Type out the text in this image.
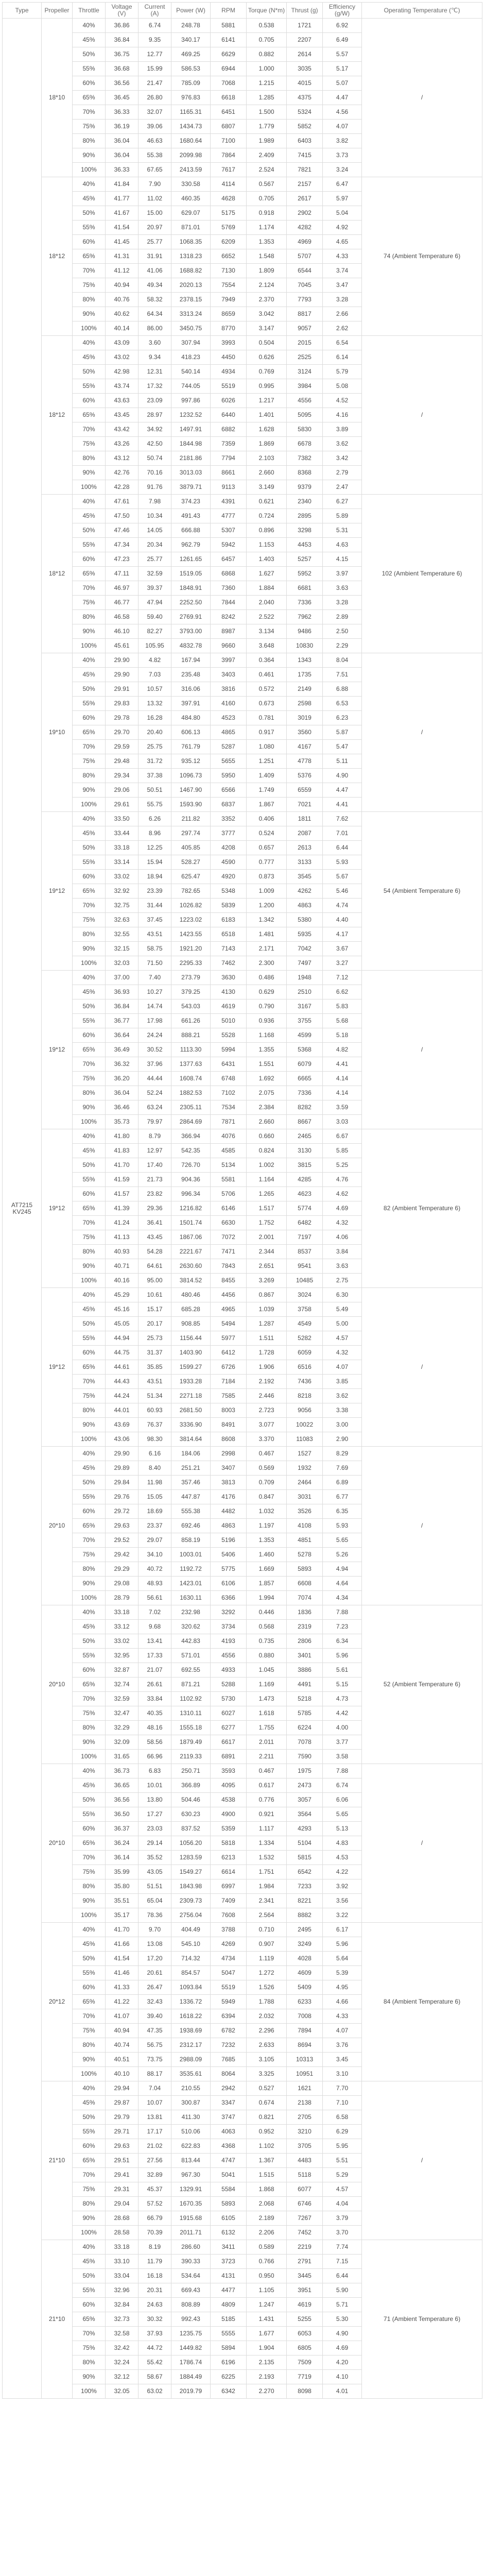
Type	Propeller	Throttle	Voltage (V)	Current (A)	Power (W)	RPM	Torque (N*m)	Thrust (g)	Efficiency (g/W)	Operating Temperature (℃)
AT7215 KV245	18*10	40%	36.86	6.74	248.78	5881	0.538	1721	6.92	/
		45%	36.84	9.35	340.17	6141	0.705	2207	6.49	
		50%	36.75	12.77	469.25	6629	0.882	2614	5.57	
		55%	36.68	15.99	586.53	6944	1.000	3035	5.17	
		60%	36.56	21.47	785.09	7068	1.215	4015	5.07	
		65%	36.45	26.80	976.83	6618	1.285	4375	4.47	
		70%	36.33	32.07	1165.31	6451	1.500	5324	4.56	
		75%	36.19	39.06	1434.73	6807	1.779	5852	4.07	
		80%	36.04	46.63	1680.64	7100	1.989	6403	3.82	
		90%	36.04	55.38	2099.98	7864	2.409	7415	3.73	
		100%	36.33	67.65	2413.59	7617	2.524	7821	3.24	
	18*12	40%	41.84	7.90	330.58	4114	0.567	2157	6.47	74 (Ambient Temperature 6)
		45%	41.77	11.02	460.35	4628	0.705	2617	5.97	
		50%	41.67	15.00	629.07	5175	0.918	2902	5.04	
		55%	41.54	20.97	871.01	5769	1.174	4282	4.92	
		60%	41.45	25.77	1068.35	6209	1.353	4969	4.65	
		65%	41.31	31.91	1318.23	6652	1.548	5707	4.33	
		70%	41.12	41.06	1688.82	7130	1.809	6544	3.74	
		75%	40.94	49.34	2020.13	7554	2.124	7045	3.47	
		80%	40.76	58.32	2378.15	7949	2.370	7793	3.28	
		90%	40.62	64.34	3313.24	8659	3.042	8817	2.66	
		100%	40.14	86.00	3450.75	8770	3.147	9057	2.62	
	18*12	40%	43.09	3.60	307.94	3993	0.504	2015	6.54	/
		45%	43.02	9.34	418.23	4450	0.626	2525	6.14	
		50%	42.98	12.31	540.14	4934	0.769	3124	5.79	
		55%	43.74	17.32	744.05	5519	0.995	3984	5.08	
		60%	43.63	23.09	997.86	6026	1.217	4556	4.52	
		65%	43.45	28.97	1232.52	6440	1.401	5095	4.16	
		70%	43.42	34.92	1497.91	6882	1.628	5830	3.89	
		75%	43.26	42.50	1844.98	7359	1.869	6678	3.62	
		80%	43.12	50.74	2181.86	7794	2.103	7382	3.42	
		90%	42.76	70.16	3013.03	8661	2.660	8368	2.79	
		100%	42.28	91.76	3879.71	9113	3.149	9379	2.47	
	18*12	40%	47.61	7.98	374.23	4391	0.621	2340	6.27	102 (Ambient Temperature 6)
		45%	47.50	10.34	491.43	4777	0.724	2895	5.89	
		50%	47.46	14.05	666.88	5307	0.896	3298	5.31	
		55%	47.34	20.34	962.79	5942	1.153	4453	4.63	
		60%	47.23	25.77	1261.65	6457	1.403	5257	4.15	
		65%	47.11	32.59	1519.05	6868	1.627	5952	3.97	
		70%	46.97	39.37	1848.91	7360	1.884	6681	3.63	
		75%	46.77	47.94	2252.50	7844	2.040	7336	3.28	
		80%	46.58	59.40	2769.91	8242	2.522	7962	2.89	
		90%	46.10	82.27	3793.00	8987	3.134	9486	2.50	
		100%	45.61	105.95	4832.78	9660	3.648	10830	2.29	
	19*10	40%	29.90	4.82	167.94	3997	0.364	1343	8.04	/
		45%	29.90	7.03	235.48	3403	0.461	1735	7.51	
		50%	29.91	10.57	316.06	3816	0.572	2149	6.88	
		55%	29.83	13.32	397.91	4160	0.673	2598	6.53	
		60%	29.78	16.28	484.80	4523	0.781	3019	6.23	
		65%	29.70	20.40	606.13	4865	0.917	3560	5.87	
		70%	29.59	25.75	761.79	5287	1.080	4167	5.47	
		75%	29.48	31.72	935.12	5655	1.251	4778	5.11	
		80%	29.34	37.38	1096.73	5950	1.409	5376	4.90	
		90%	29.06	50.51	1467.90	6566	1.749	6559	4.47	
		100%	29.61	55.75	1593.90	6837	1.867	7021	4.41	
	19*12	40%	33.50	6.26	211.82	3352	0.406	1811	7.62	54 (Ambient Temperature 6)
		45%	33.44	8.96	297.74	3777	0.524	2087	7.01	
		50%	33.18	12.25	405.85	4208	0.657	2613	6.44	
		55%	33.14	15.94	528.27	4590	0.777	3133	5.93	
		60%	33.02	18.94	625.47	4920	0.873	3545	5.67	
		65%	32.92	23.39	782.65	5348	1.009	4262	5.46	
		70%	32.75	31.44	1026.82	5839	1.200	4863	4.74	
		75%	32.63	37.45	1223.02	6183	1.342	5380	4.40	
		80%	32.55	43.51	1423.55	6518	1.481	5935	4.17	
		90%	32.15	58.75	1921.20	7143	2.171	7042	3.67	
		100%	32.03	71.50	2295.33	7462	2.300	7497	3.27	
	19*12	40%	37.00	7.40	273.79	3630	0.486	1948	7.12	/
		45%	36.93	10.27	379.25	4130	0.629	2510	6.62	
		50%	36.84	14.74	543.03	4619	0.790	3167	5.83	
		55%	36.77	17.98	661.26	5010	0.936	3755	5.68	
		60%	36.64	24.24	888.21	5528	1.168	4599	5.18	
		65%	36.49	30.52	1113.30	5994	1.355	5368	4.82	
		70%	36.32	37.96	1377.63	6431	1.551	6079	4.41	
		75%	36.20	44.44	1608.74	6748	1.692	6665	4.14	
		80%	36.04	52.24	1882.53	7102	2.075	7336	4.14	
		90%	36.46	63.24	2305.11	7534	2.384	8282	3.59	
		100%	35.73	79.97	2864.69	7871	2.660	8667	3.03	
	19*12	40%	41.80	8.79	366.94	4076	0.660	2465	6.67	82 (Ambient Temperature 6)
		45%	41.83	12.97	542.35	4585	0.824	3130	5.85	
		50%	41.70	17.40	726.70	5134	1.002	3815	5.25	
		55%	41.59	21.73	904.36	5581	1.164	4285	4.76	
		60%	41.57	23.82	996.34	5706	1.265	4623	4.62	
		65%	41.39	29.36	1216.82	6146	1.517	5774	4.69	
		70%	41.24	36.41	1501.74	6630	1.752	6482	4.32	
		75%	41.13	43.45	1867.06	7072	2.001	7197	4.06	
		80%	40.93	54.28	2221.67	7471	2.344	8537	3.84	
		90%	40.71	64.61	2630.60	7843	2.651	9541	3.63	
		100%	40.16	95.00	3814.52	8455	3.269	10485	2.75	
	19*12	40%	45.29	10.61	480.46	4456	0.867	3024	6.30	/
		45%	45.16	15.17	685.28	4965	1.039	3758	5.49	
		50%	45.05	20.17	908.85	5494	1.287	4549	5.00	
		55%	44.94	25.73	1156.44	5977	1.511	5282	4.57	
		60%	44.75	31.37	1403.90	6412	1.728	6059	4.32	
		65%	44.61	35.85	1599.27	6726	1.906	6516	4.07	
		70%	44.43	43.51	1933.28	7184	2.192	7436	3.85	
		75%	44.24	51.34	2271.18	7585	2.446	8218	3.62	
		80%	44.01	60.93	2681.50	8003	2.723	9056	3.38	
		90%	43.69	76.37	3336.90	8491	3.077	10022	3.00	
		100%	43.06	98.30	3814.64	8608	3.370	11083	2.90	
	20*10	40%	29.90	6.16	184.06	2998	0.467	1527	8.29	/
		45%	29.89	8.40	251.21	3407	0.569	1932	7.69	
		50%	29.84	11.98	357.46	3813	0.709	2464	6.89	
		55%	29.76	15.05	447.87	4176	0.847	3031	6.77	
		60%	29.72	18.69	555.38	4482	1.032	3526	6.35	
		65%	29.63	23.37	692.46	4863	1.197	4108	5.93	
		70%	29.52	29.07	858.19	5196	1.353	4851	5.65	
		75%	29.42	34.10	1003.01	5406	1.460	5278	5.26	
		80%	29.29	40.72	1192.72	5775	1.669	5893	4.94	
		90%	29.08	48.93	1423.01	6106	1.857	6608	4.64	
		100%	28.79	56.61	1630.11	6366	1.994	7074	4.34	
	20*10	40%	33.18	7.02	232.98	3292	0.446	1836	7.88	52 (Ambient Temperature 6)
		45%	33.12	9.68	320.62	3734	0.568	2319	7.23	
		50%	33.02	13.41	442.83	4193	0.735	2806	6.34	
		55%	32.95	17.33	571.01	4556	0.880	3401	5.96	
		60%	32.87	21.07	692.55	4933	1.045	3886	5.61	
		65%	32.74	26.61	871.21	5288	1.169	4491	5.15	
		70%	32.59	33.84	1102.92	5730	1.473	5218	4.73	
		75%	32.47	40.35	1310.11	6027	1.618	5785	4.42	
		80%	32.29	48.16	1555.18	6277	1.755	6224	4.00	
		90%	32.09	58.56	1879.49	6617	2.011	7078	3.77	
		100%	31.65	66.96	2119.33	6891	2.211	7590	3.58	
	20*10	40%	36.73	6.83	250.71	3593	0.467	1975	7.88	/
		45%	36.65	10.01	366.89	4095	0.617	2473	6.74	
		50%	36.56	13.80	504.46	4538	0.776	3057	6.06	
		55%	36.50	17.27	630.23	4900	0.921	3564	5.65	
		60%	36.37	23.03	837.52	5359	1.117	4293	5.13	
		65%	36.24	29.14	1056.20	5818	1.334	5104	4.83	
		70%	36.14	35.52	1283.59	6213	1.532	5815	4.53	
		75%	35.99	43.05	1549.27	6614	1.751	6542	4.22	
		80%	35.80	51.51	1843.98	6997	1.984	7233	3.92	
		90%	35.51	65.04	2309.73	7409	2.341	8221	3.56	
		100%	35.17	78.36	2756.04	7608	2.564	8882	3.22	
	20*12	40%	41.70	9.70	404.49	3788	0.710	2495	6.17	84 (Ambient Temperature 6)
		45%	41.66	13.08	545.10	4269	0.907	3249	5.96	
		50%	41.54	17.20	714.32	4734	1.119	4028	5.64	
		55%	41.46	20.61	854.57	5047	1.272	4609	5.39	
		60%	41.33	26.47	1093.84	5519	1.526	5409	4.95	
		65%	41.22	32.43	1336.72	5949	1.788	6233	4.66	
		70%	41.07	39.40	1618.22	6394	2.032	7008	4.33	
		75%	40.94	47.35	1938.69	6782	2.296	7894	4.07	
		80%	40.74	56.75	2312.17	7232	2.633	8694	3.76	
		90%	40.51	73.75	2988.09	7685	3.105	10313	3.45	
		100%	40.10	88.17	3535.61	8064	3.325	10951	3.10	
	21*10	40%	29.94	7.04	210.55	2942	0.527	1621	7.70	/
		45%	29.87	10.07	300.87	3347	0.674	2138	7.10	
		50%	29.79	13.81	411.30	3747	0.821	2705	6.58	
		55%	29.71	17.17	510.06	4063	0.952	3210	6.29	
		60%	29.63	21.02	622.83	4368	1.102	3705	5.95	
		65%	29.51	27.56	813.44	4747	1.367	4483	5.51	
		70%	29.41	32.89	967.30	5041	1.515	5118	5.29	
		75%	29.31	45.37	1329.91	5584	1.868	6077	4.57	
		80%	29.04	57.52	1670.35	5893	2.068	6746	4.04	
		90%	28.68	66.79	1915.68	6105	2.189	7267	3.79	
		100%	28.58	70.39	2011.71	6132	2.206	7452	3.70	
	21*10	40%	33.18	8.19	286.60	3411	0.589	2219	7.74	71 (Ambient Temperature 6)
		45%	33.10	11.79	390.33	3723	0.766	2791	7.15	
		50%	33.04	16.18	534.64	4131	0.950	3445	6.44	
		55%	32.96	20.31	669.43	4477	1.105	3951	5.90	
		60%	32.84	24.63	808.89	4809	1.247	4619	5.71	
		65%	32.73	30.32	992.43	5185	1.431	5255	5.30	
		70%	32.58	37.93	1235.75	5555	1.677	6053	4.90	
		75%	32.42	44.72	1449.82	5894	1.904	6805	4.69	
		80%	32.24	55.42	1786.74	6196	2.135	7509	4.20	
		90%	32.12	58.67	1884.49	6225	2.193	7719	4.10	
		100%	32.05	63.02	2019.79	6342	2.270	8098	4.01	
